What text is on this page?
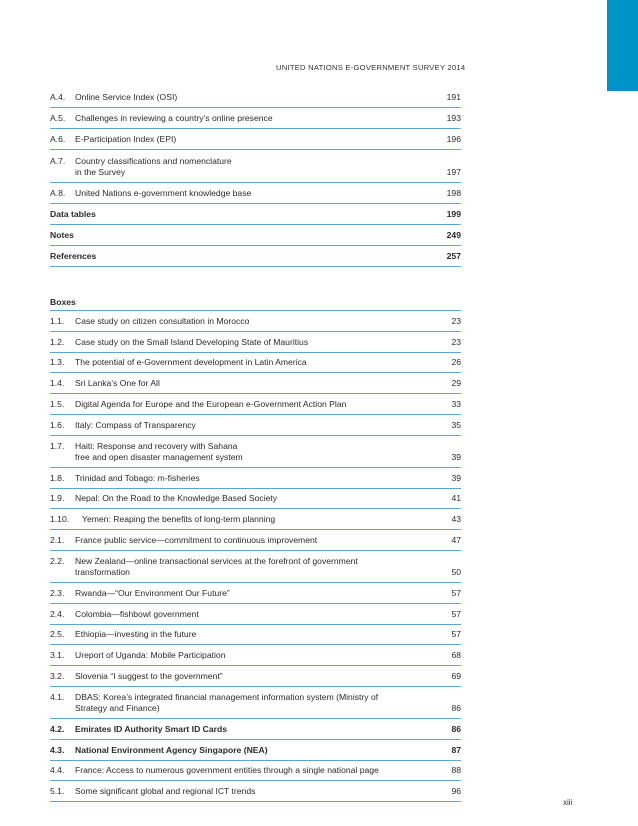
UNITED NATIONS E-GOVERNMENT SURVEY 2014
A.4. Online Service Index (OSI)	191
A.5. Challenges in reviewing a country’s online presence	193
A.6. E-Participation Index (EPI)	196
A.7. Country classifications and nomenclature
in the Survey	197
A.8. United Nations e-government knowledge base	198
Data tables	199
Notes	249
References	257
Boxes
1.1. Case study on citizen consultation in Morocco	23
1.2. Case study on the Small Island Developing State of Mauritius	23
1.3. The potential of e-Government development in Latin America	26
1.4. Sri Lanka’s One for All	29
1.5. Digital Agenda for Europe and the European e-Government Action Plan	33
1.6. Italy: Compass of Transparency	35
1.7. Haiti: Response and recovery with Sahana
free and open disaster management system	39
1.8. Trinidad and Tobago: m-fisheries	39
1.9. Nepal: On the Road to the Knowledge Based Society	41
1.10. Yemen: Reaping the benefits of long-term planning	43
2.1. France public service—commitment to continuous improvement	47
2.2. New Zealand—online transactional services at the forefront of government
transformation	50
2.3. Rwanda—“Our Environment Our Future”	57
2.4. Colombia—fishbowl government	57
2.5. Ethiopia—investing in the future	57
3.1. Ureport of Uganda: Mobile Participation	68
3.2. Slovenia “I suggest to the government”	69
4.1. DBAS: Korea’s integrated financial management information system (Ministry of
Strategy and Finance)	86
4.2. Emirates ID Authority Smart ID Cards	86
4.3. National Environment Agency Singapore (NEA)	87
4.4. France: Access to numerous government entities through a single national page	88
5.1. Some significant global and regional ICT trends	96
xiii
